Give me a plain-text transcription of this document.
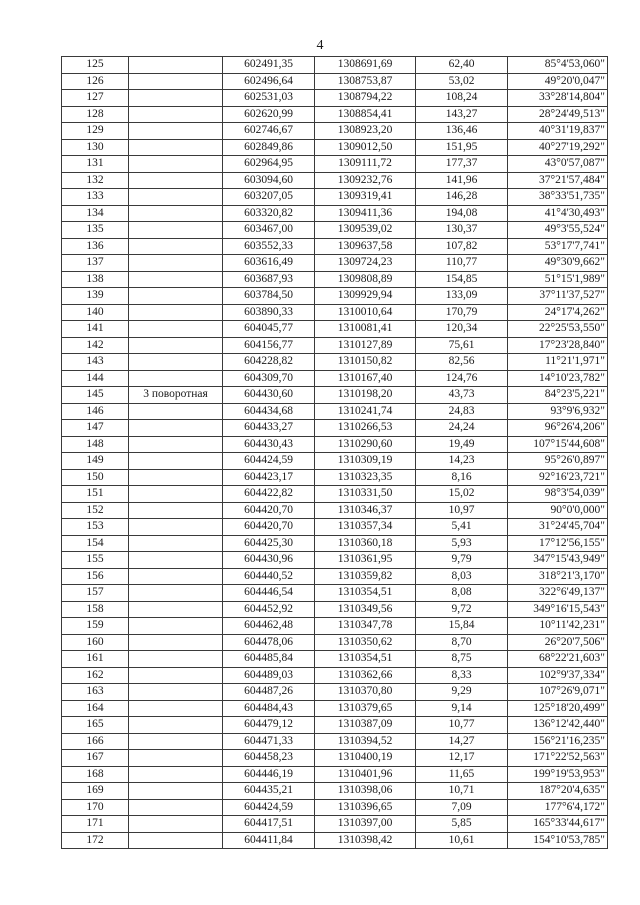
4
125		602491,35	1308691,69	62,40	85°4'53,060"
126		602496,64	1308753,87	53,02	49°20'0,047"
127		602531,03	1308794,22	108,24	33°28'14,804"
128		602620,99	1308854,41	143,27	28°24'49,513"
129		602746,67	1308923,20	136,46	40°31'19,837"
130		602849,86	1309012,50	151,95	40°27'19,292"
131		602964,95	1309111,72	177,37	43°0'57,087"
132		603094,60	1309232,76	141,96	37°21'57,484"
133		603207,05	1309319,41	146,28	38°33'51,735"
134		603320,82	1309411,36	194,08	41°4'30,493"
135		603467,00	1309539,02	130,37	49°3'55,524"
136		603552,33	1309637,58	107,82	53°17'7,741"
137		603616,49	1309724,23	110,77	49°30'9,662"
138		603687,93	1309808,89	154,85	51°15'1,989"
139		603784,50	1309929,94	133,09	37°11'37,527"
140		603890,33	1310010,64	170,79	24°17'4,262"
141		604045,77	1310081,41	120,34	22°25'53,550"
142		604156,77	1310127,89	75,61	17°23'28,840"
143		604228,82	1310150,82	82,56	11°21'1,971"
144		604309,70	1310167,40	124,76	14°10'23,782"
145	3 поворотная	604430,60	1310198,20	43,73	84°23'5,221"
146		604434,68	1310241,74	24,83	93°9'6,932"
147		604433,27	1310266,53	24,24	96°26'4,206"
148		604430,43	1310290,60	19,49	107°15'44,608"
149		604424,59	1310309,19	14,23	95°26'0,897"
150		604423,17	1310323,35	8,16	92°16'23,721"
151		604422,82	1310331,50	15,02	98°3'54,039"
152		604420,70	1310346,37	10,97	90°0'0,000"
153		604420,70	1310357,34	5,41	31°24'45,704"
154		604425,30	1310360,18	5,93	17°12'56,155"
155		604430,96	1310361,95	9,79	347°15'43,949"
156		604440,52	1310359,82	8,03	318°21'3,170"
157		604446,54	1310354,51	8,08	322°6'49,137"
158		604452,92	1310349,56	9,72	349°16'15,543"
159		604462,48	1310347,78	15,84	10°11'42,231"
160		604478,06	1310350,62	8,70	26°20'7,506"
161		604485,84	1310354,51	8,75	68°22'21,603"
162		604489,03	1310362,66	8,33	102°9'37,334"
163		604487,26	1310370,80	9,29	107°26'9,071"
164		604484,43	1310379,65	9,14	125°18'20,499"
165		604479,12	1310387,09	10,77	136°12'42,440"
166		604471,33	1310394,52	14,27	156°21'16,235"
167		604458,23	1310400,19	12,17	171°22'52,563"
168		604446,19	1310401,96	11,65	199°19'53,953"
169		604435,21	1310398,06	10,71	187°20'4,635"
170		604424,59	1310396,65	7,09	177°6'4,172"
171		604417,51	1310397,00	5,85	165°33'44,617"
172		604411,84	1310398,42	10,61	154°10'53,785"
